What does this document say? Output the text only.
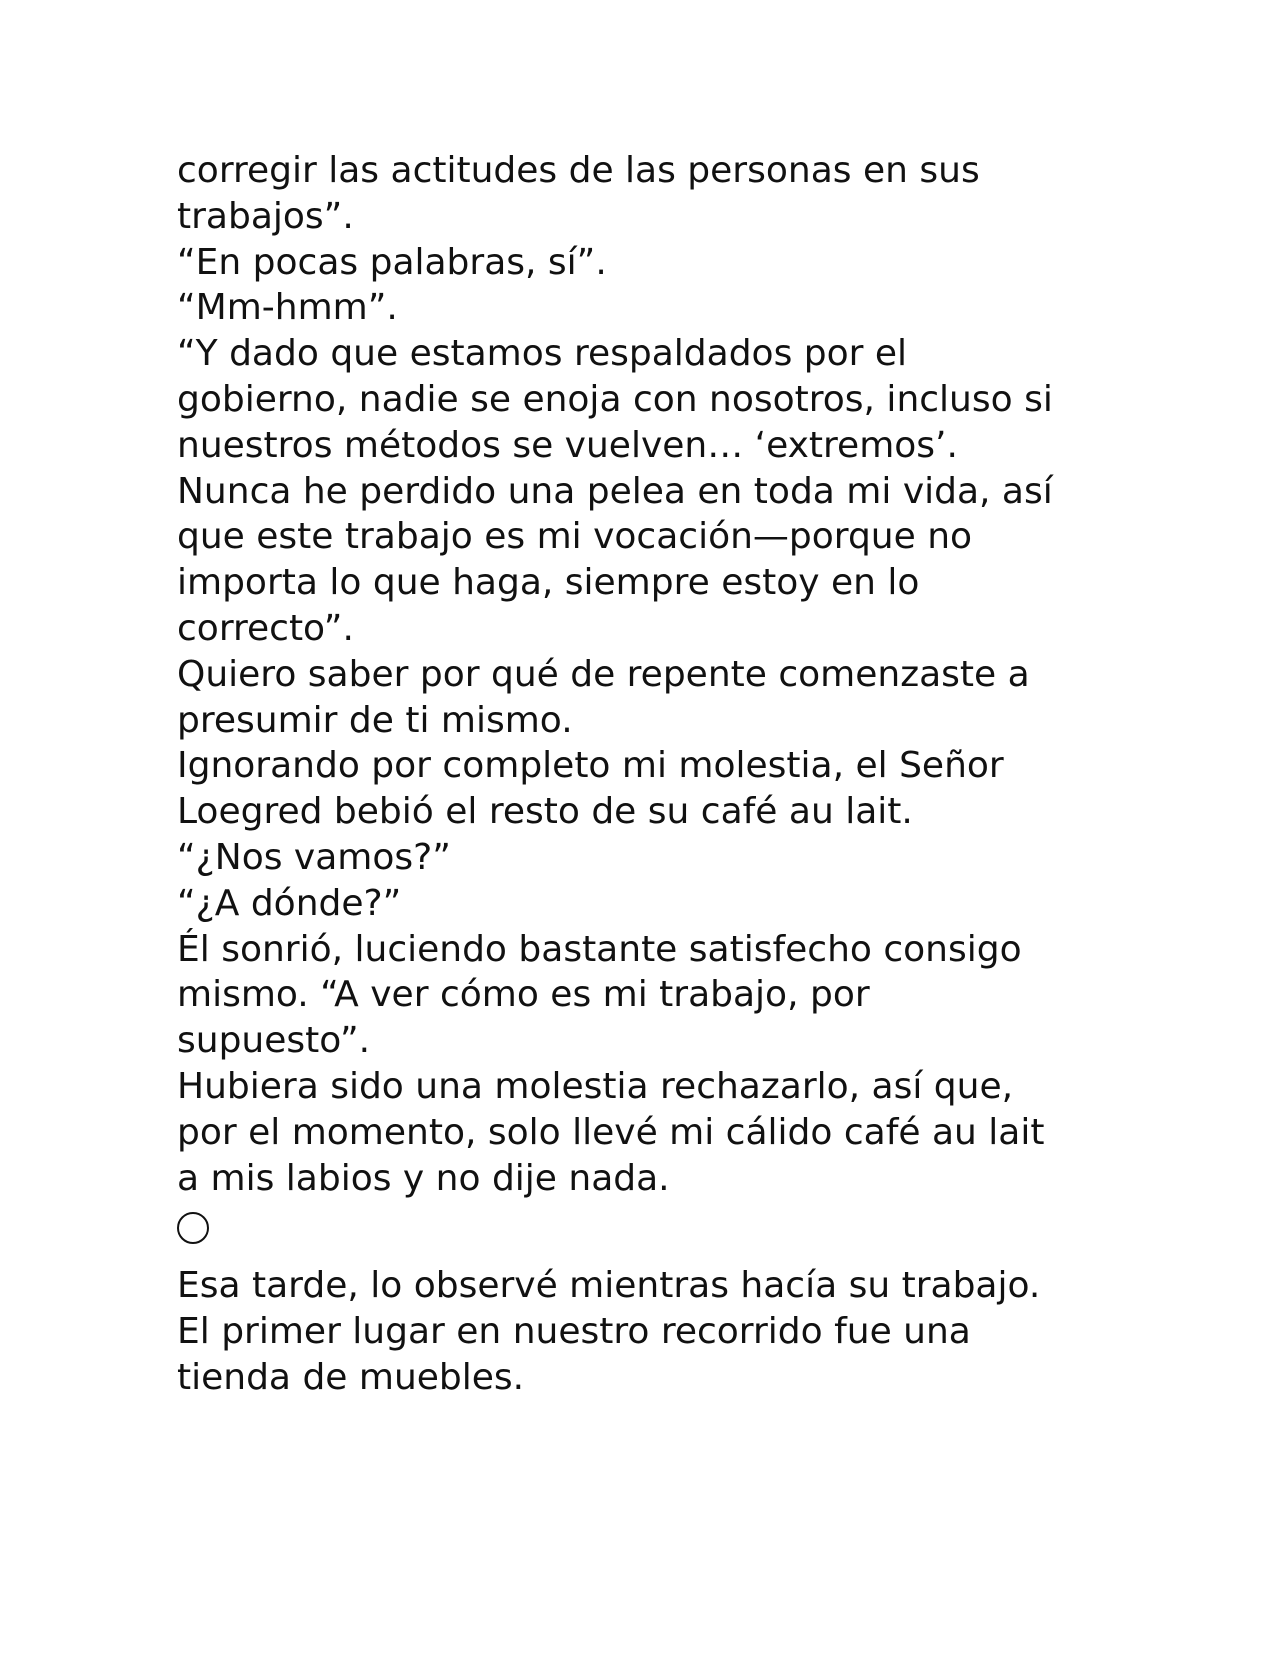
corregir las actitudes de las personas en sus

trabajos”.

“En pocas palabras, sí”.

“Mm-hmm”.

“Y dado que estamos respaldados por el

gobierno, nadie se enoja con nosotros, incluso si

nuestros métodos se vuelven… ‘extremos’.

Nunca he perdido una pelea en toda mi vida, así

que este trabajo es mi vocación—porque no

importa lo que haga, siempre estoy en lo

correcto”.

Quiero saber por qué de repente comenzaste a

presumir de ti mismo.

Ignorando por completo mi molestia, el Señor

Loegred bebió el resto de su café au lait.

“¿Nos vamos?”

“¿A dónde?”

Él sonrió, luciendo bastante satisfecho consigo

mismo. “A ver cómo es mi trabajo, por

supuesto”.

Hubiera sido una molestia rechazarlo, así que,

por el momento, solo llevé mi cálido café au lait

a mis labios y no dije nada.

Esa tarde, lo observé mientras hacía su trabajo.

El primer lugar en nuestro recorrido fue una

tienda de muebles.
